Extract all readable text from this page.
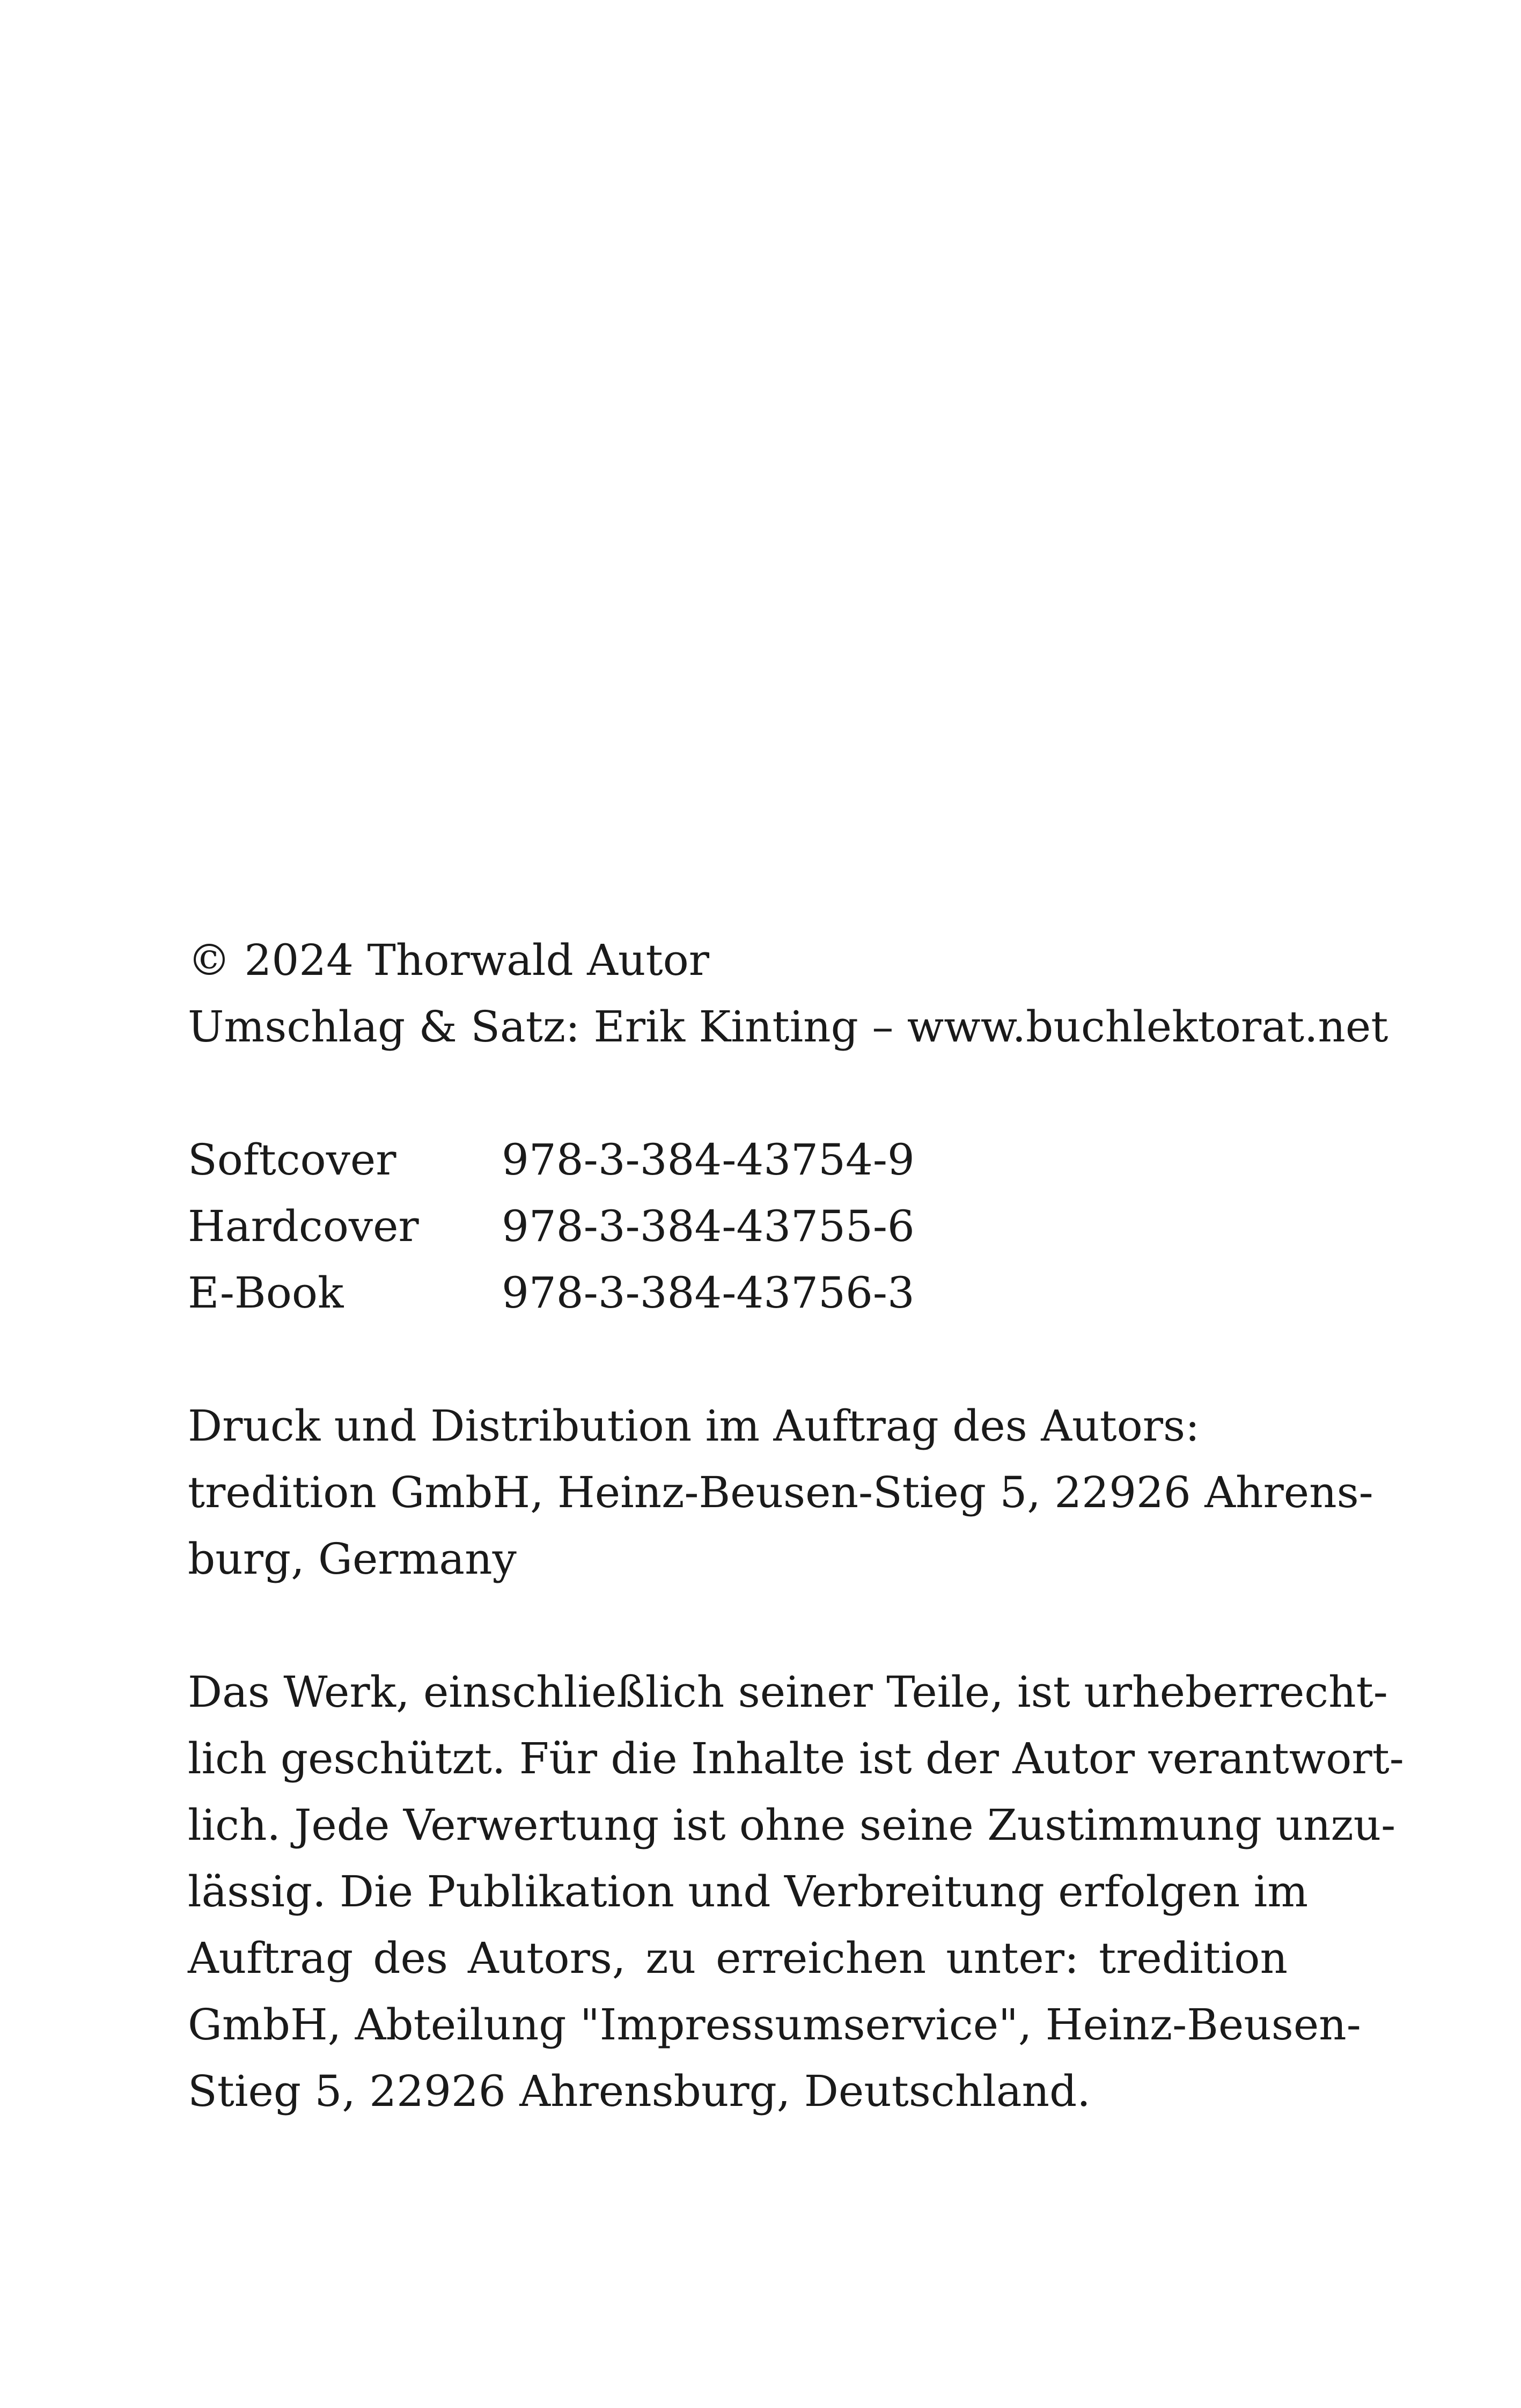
© 2024 Thorwald Autor
Umschlag & Satz: Erik Kinting – www.buchlektorat.net
Softcover	978-3-384-43754-9
Hardcover	978-3-384-43755-6
E-Book	978-3-384-43756-3
Druck und Distribution im Auftrag des Autors:
tredition GmbH, Heinz-Beusen-Stieg 5, 22926 Ahrens-
burg, Germany
Das Werk, einschließlich seiner Teile, ist urheberrecht-
lich geschützt. Für die Inhalte ist der Autor verantwort-
lich. Jede Verwertung ist ohne seine Zustimmung unzu-
lässig. Die Publikation und Verbreitung erfolgen im
Auftrag des Autors, zu erreichen unter: tredition
GmbH, Abteilung "Impressumservice", Heinz-Beusen-
Stieg 5, 22926 Ahrensburg, Deutschland.
